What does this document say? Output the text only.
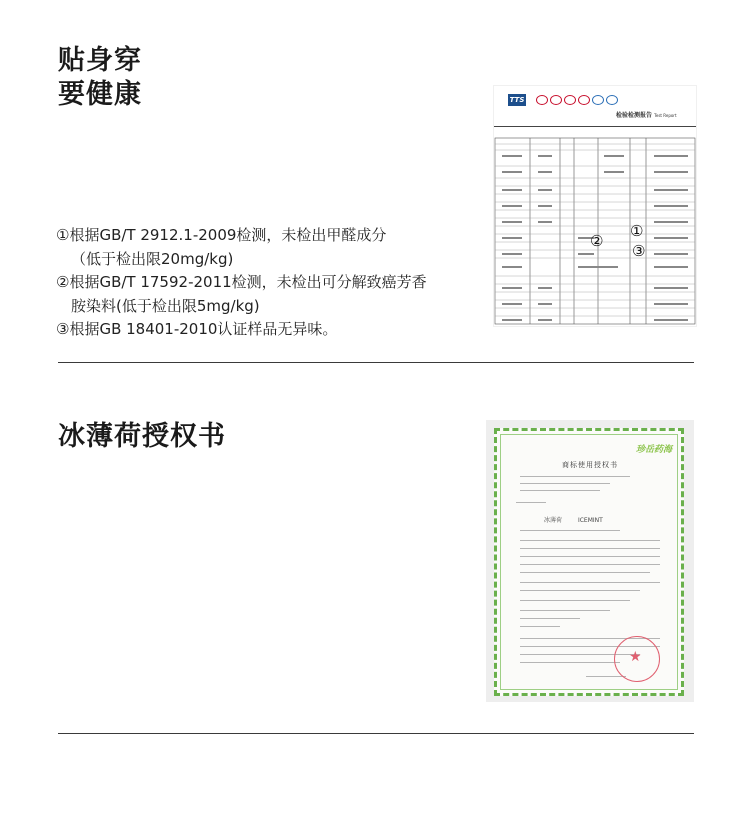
贴身穿
要健康
①根据GB/T 2912.1-2009检测，未检出甲醛成分
（低于检出限20mg/kg)
②根据GB/T 17592-2011检测，未检出可分解致癌芳香
胺染料(低于检出限5mg/kg)
③根据GB 18401-2010认证样品无异味。
TTS
检验检测报告 Test Report
①
②
③
冰薄荷授权书	珍岳药海
商标使用授权书
冰薄荷	ICEMINT
★
